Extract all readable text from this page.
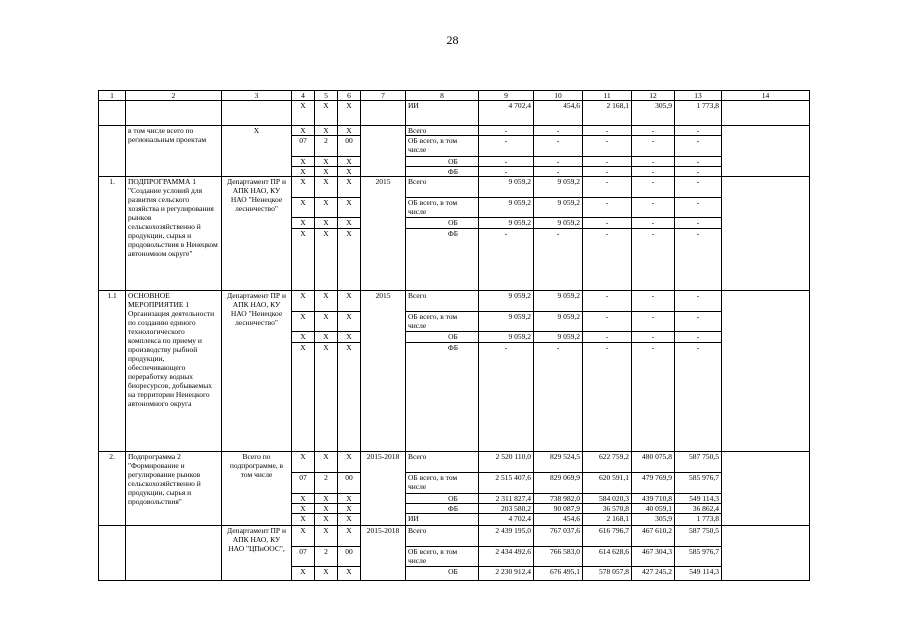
28
1	2	3	4	5	6	7	8	9	10	11	12	13	14
			Х	Х	Х		ИИ	4 702,4	454,6	2 168,1	305,9	1 773,8	
	в том числе всего по региональным проектам	Х	Х	Х	Х		Всего	-	-	-	-	-	
			07	2	00		ОБ всего, в том числе	-	-	-	-	-	
			Х	Х	Х		ОБ	-	-	-	-	-	
			Х	Х	Х		ФБ	-	-	-	-	-	
1.	ПОДПРОГРАММА 1 "Создание условий для развития сельского хозяйства и регулирования рынков сельскохозяйственно й продукции, сырья и продовольствия в Ненецком автономном округе"	Департамент ПР и АПК НАО, КУ НАО "Ненецкое лесничество"	Х	Х	Х	2015	Всего	9 059,2	9 059,2	-	-	-	
			Х	Х	Х		ОБ всего, в том числе	9 059,2	9 059,2	-	-	-	
			Х	Х	Х		ОБ	9 059,2	9 059,2	-	-	-	
			Х	Х	Х		ФБ	-	-	-	-	-	
1.1	ОСНОВНОЕ МЕРОПРИЯТИЕ 1 Организация деятельности по созданию единого технологического комплекса по приему и производству рыбной продукции, обеспечивающего переработку водных биоресурсов, добываемых на территории Ненецкого автономного округа	Департамент ПР и АПК НАО, КУ НАО "Ненецкое лесничество"	Х	Х	Х	2015	Всего	9 059,2	9 059,2	-	-	-	
			Х	Х	Х		ОБ всего, в том числе	9 059,2	9 059,2	-	-	-	
			Х	Х	Х		ОБ	9 059,2	9 059,2	-	-	-	
			Х	Х	Х		ФБ	-	-	-	-	-	
2.	Подпрограмма 2 "Формирование и регулирование рынков сельскохозяйственно й продукции, сырья и продовольствия"	Всего по подпрограмме, в том числе	Х	Х	Х	2015-2018	Всего	2 520 110,0	829 524,5	622 759,2	480 075,8	587 750,5	
			07	2	00		ОБ всего, в том числе	2 515 407,6	829 069,9	620 591,1	479 769,9	585 976,7	
			Х	Х	Х		ОБ	2 311 827,4	738 982,0	584 020,3	439 710,8	549 114,3	
			Х	Х	Х		ФБ	203 580,2	90 087,9	36 570,8	40 059,1	36 862,4	
			Х	Х	Х		ИИ	4 702,4	454,6	2 168,1	305,9	1 773,8	
		Департамент ПР и АПК НАО, КУ НАО "ЦПиООС",	Х	Х	Х	2015-2018	Всего	2 439 195,0	767 037,6	616 796,7	467 610,2	587 750,5	
			07	2	00		ОБ всего, в том числе	2 434 492,6	766 583,0	614 628,6	467 304,3	585 976,7	
			Х	Х	Х		ОБ	2 230 912,4	676 495,1	578 057,8	427 245,2	549 114,3	
